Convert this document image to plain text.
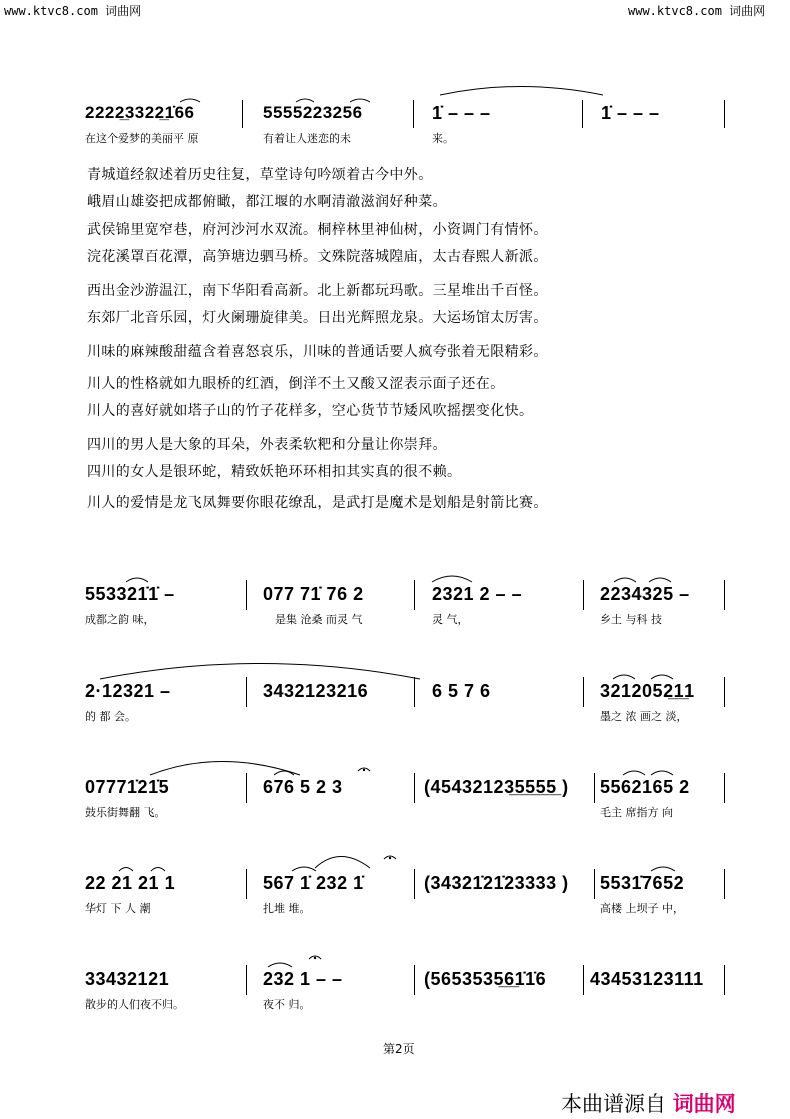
www.ktvc8.com 词曲网	www.ktvc8.com 词曲网
2222̲3322̲1̇66
在这个爱梦的美丽平 原
5555223256
有着让人迷恋的未
1̇ – – –
来。
1̇ – – –
青城道经叙述着历史往复，草堂诗句吟颂着古今中外。
峨眉山雄姿把成都俯瞰，都江堰的水啊清澈滋润好种菜。
武侯锦里宽窄巷，府河沙河水双流。桐梓林里神仙树，小资调门有情怀。
浣花溪罩百花潭，高笋塘边驷马桥。文殊院落城隍庙，太古春熙人新派。
西出金沙游温江，南下华阳看高新。北上新都玩玛歌。三星堆出千百怪。
东郊厂北音乐园，灯火阑珊旋律美。日出光辉照龙泉。大运场馆太厉害。
川味的麻辣酸甜蕴含着喜怒哀乐，川味的普通话要人疯夸张着无限精彩。
川人的性格就如九眼桥的红酒，倒洋不土又酸又涩表示面子还在。
川人的喜好就如塔子山的竹子花样多，空心货节节矮风吹摇摆变化快。
四川的男人是大象的耳朵，外表柔软粑和分量让你崇拜。
四川的女人是银环蛇，精致妖艳环环相扣其实真的很不赖。
川人的爱情是龙飞凤舞要你眼花缭乱，是武打是魔术是划船是射箭比赛。
553321̇1̇ –
成都之韵 味，
077 71̇ 76 2
是集 沧桑 而灵 气
2321 2 – –
灵 气，
2234325 –
乡土 与科 技
2·12321 –
的 都 会。
3432123216	6 5 7 6	3212052̲1̲1
墨之 浓 画之 淡，
07771̇21̇5
鼓乐街舞翻 飞。
676 5 2 3	(45432123̲5̲5̲5̲5̲ ) 5562165 2
毛主 席指方 向
22 21 21 1
华灯 下 人 潮
567 1̇ 232 1̇
扎堆 堆。
(34321̇21̇23333 ) 5531̇7652
高楼 上坝子 中，
33432121
散步的人们夜不归。
232 1 – –
夜不 归。
(5653535̲6̲1̇1̇6 43453123111
第2页
本曲谱源自 词曲网
